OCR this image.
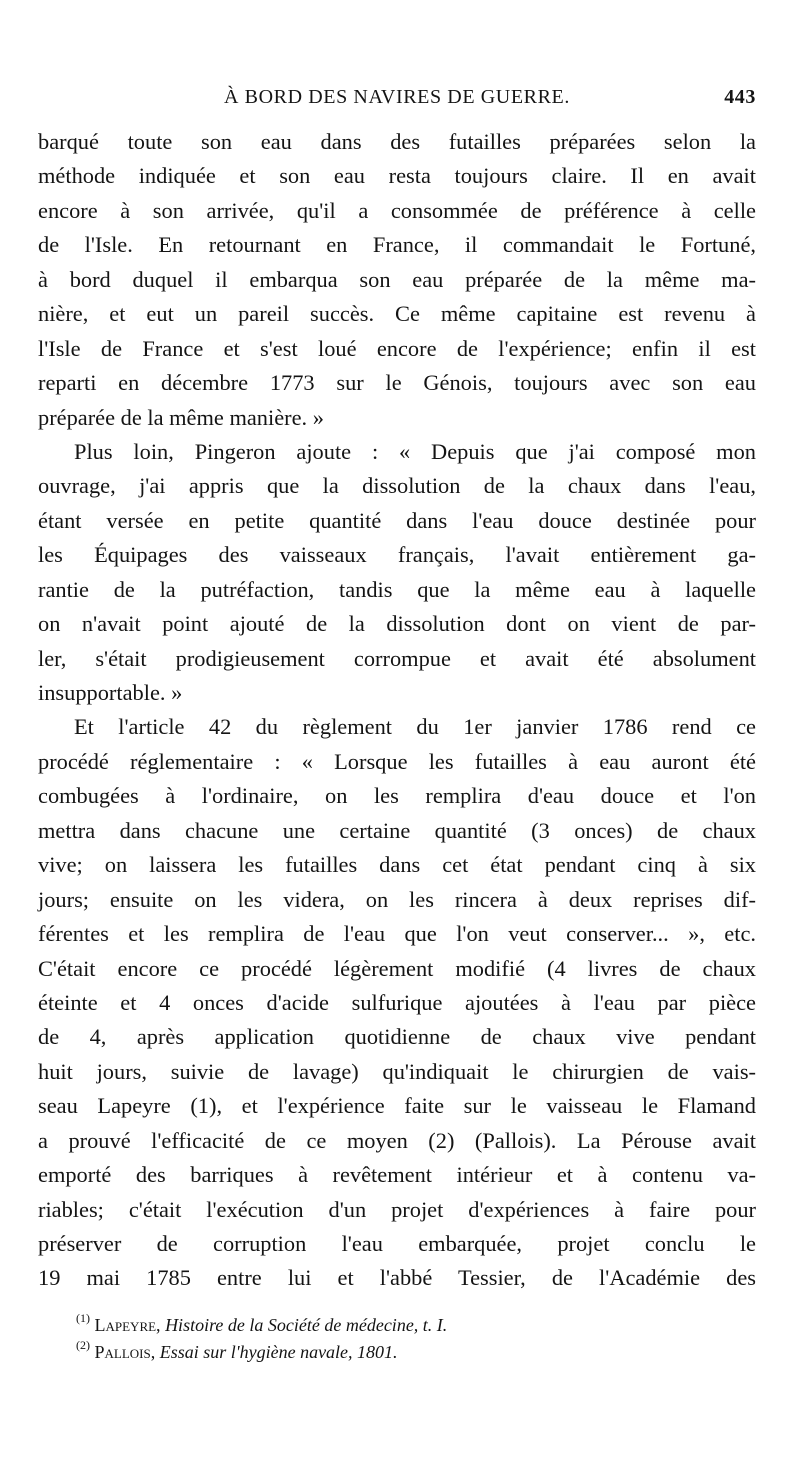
À BORD DES NAVIRES DE GUERRE.	443
barqué toute son eau dans des futailles préparées selon la
méthode indiquée et son eau resta toujours claire. Il en avait
encore à son arrivée, qu'il a consommée de préférence à celle
de l'Isle. En retournant en France, il commandait le Fortuné,
à bord duquel il embarqua son eau préparée de la même ma-
nière, et eut un pareil succès. Ce même capitaine est revenu à
l'Isle de France et s'est loué encore de l'expérience; enfin il est
reparti en décembre 1773 sur le Génois, toujours avec son eau
préparée de la même manière. »
Plus loin, Pingeron ajoute : « Depuis que j'ai composé mon
ouvrage, j'ai appris que la dissolution de la chaux dans l'eau,
étant versée en petite quantité dans l'eau douce destinée pour
les Équipages des vaisseaux français, l'avait entièrement ga-
rantie de la putréfaction, tandis que la même eau à laquelle
on n'avait point ajouté de la dissolution dont on vient de par-
ler, s'était prodigieusement corrompue et avait été absolument
insupportable. »
Et l'article 42 du règlement du 1er janvier 1786 rend ce
procédé réglementaire : « Lorsque les futailles à eau auront été
combugées à l'ordinaire, on les remplira d'eau douce et l'on
mettra dans chacune une certaine quantité (3 onces) de chaux
vive; on laissera les futailles dans cet état pendant cinq à six
jours; ensuite on les videra, on les rincera à deux reprises dif-
férentes et les remplira de l'eau que l'on veut conserver... », etc.
C'était encore ce procédé légèrement modifié (4 livres de chaux
éteinte et 4 onces d'acide sulfurique ajoutées à l'eau par pièce
de 4, après application quotidienne de chaux vive pendant
huit jours, suivie de lavage) qu'indiquait le chirurgien de vais-
seau Lapeyre (1), et l'expérience faite sur le vaisseau le Flamand
a prouvé l'efficacité de ce moyen (2) (Pallois). La Pérouse avait
emporté des barriques à revêtement intérieur et à contenu va-
riables; c'était l'exécution d'un projet d'expériences à faire pour
préserver de corruption l'eau embarquée, projet conclu le
19 mai 1785 entre lui et l'abbé Tessier, de l'Académie des
$^{(1)}$ Lapeyre, Histoire de la Société de médecine, t. I.
$^{(2)}$ Pallois, Essai sur l'hygiène navale, 1801.
